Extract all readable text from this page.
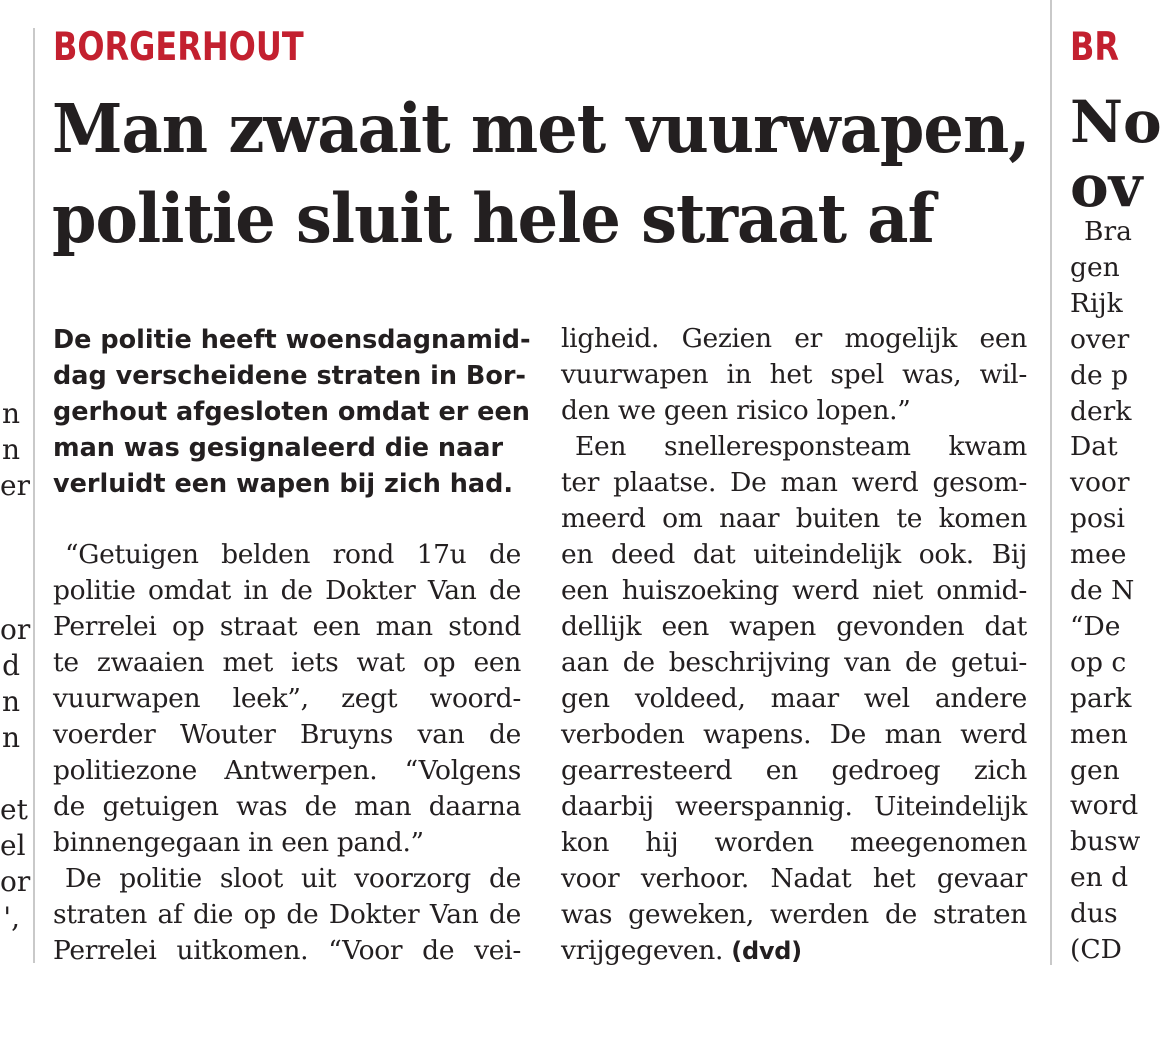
n
n
er
or
d
n
n
et
el
or
',
BORGERHOUT
Man zwaait met vuurwapen,
politie sluit hele straat af
De politie heeft woensdagnamid-
dag verscheidene straten in Bor-
gerhout afgesloten omdat er een
man was gesignaleerd die naar
verluidt een wapen bij zich had.
“Getuigen belden rond 17u de
politie omdat in de Dokter Van de
Perrelei op straat een man stond
te zwaaien met iets wat op een
vuurwapen leek”, zegt woord-
voerder Wouter Bruyns van de
politiezone Antwerpen. “Volgens
de getuigen was de man daarna
binnengegaan in een pand.”
De politie sloot uit voorzorg de
straten af die op de Dokter Van de
Perrelei uitkomen. “Voor de vei-
ligheid. Gezien er mogelijk een
vuurwapen in het spel was, wil-
den we geen risico lopen.”
Een snelleresponsteam kwam
ter plaatse. De man werd gesom-
meerd om naar buiten te komen
en deed dat uiteindelijk ook. Bij
een huiszoeking werd niet onmid-
dellijk een wapen gevonden dat
aan de beschrijving van de getui-
gen voldeed, maar wel andere
verboden wapens. De man werd
gearresteerd en gedroeg zich
daarbij weerspannig. Uiteindelijk
kon hij worden meegenomen
voor verhoor. Nadat het gevaar
was geweken, werden de straten
vrijgegeven. (dvd)
BR
No
ov
Bra
gen
Rijk
over
de p
derk
Dat
voor
posi
mee
de N
“De
op c
park
men
gen
word
busw
en d
dus
(CD
